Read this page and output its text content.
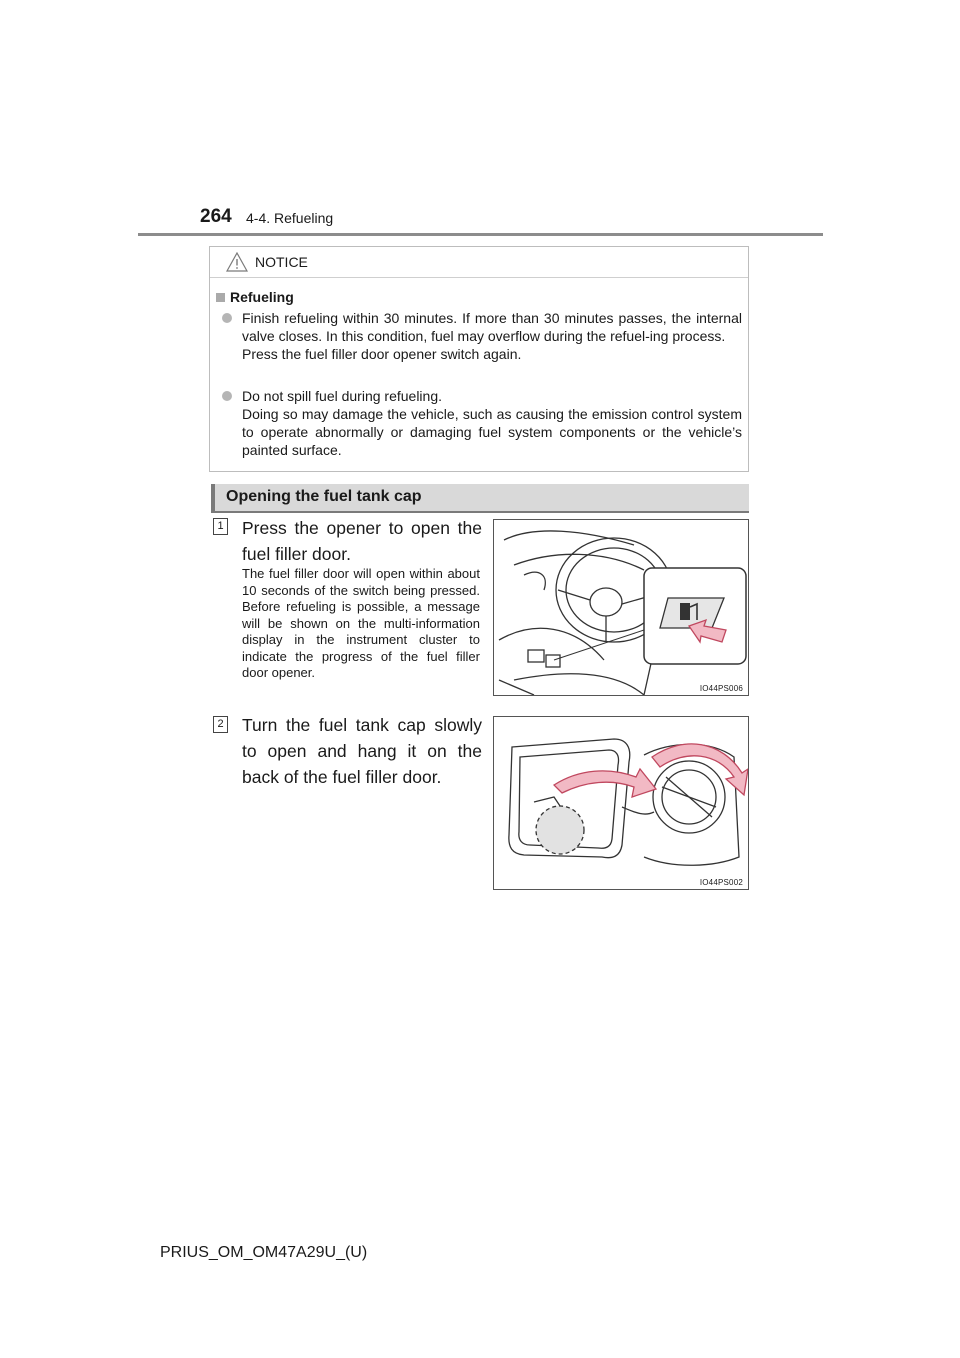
264 4-4. Refueling
NOTICE
Refueling
Finish refueling within 30 minutes. If more than 30 minutes passes, the internal valve closes. In this condition, fuel may overflow during the refuel-ing process.
Press the fuel filler door opener switch again.
Do not spill fuel during refueling.
Doing so may damage the vehicle, such as causing the emission control system to operate abnormally or damaging fuel system components or the vehicle’s painted surface.
Opening the fuel tank cap
1 Press the opener to open the fuel filler door.
The fuel filler door will open within about 10 seconds of the switch being pressed. Before refueling is possible, a message will be shown on the multi-information display in the instrument cluster to indicate the progress of the fuel filler door opener.
IO44PS006
2 Turn the fuel tank cap slowly to open and hang it on the back of the fuel filler door.
IO44PS002
PRIUS_OM_OM47A29U_(U)
